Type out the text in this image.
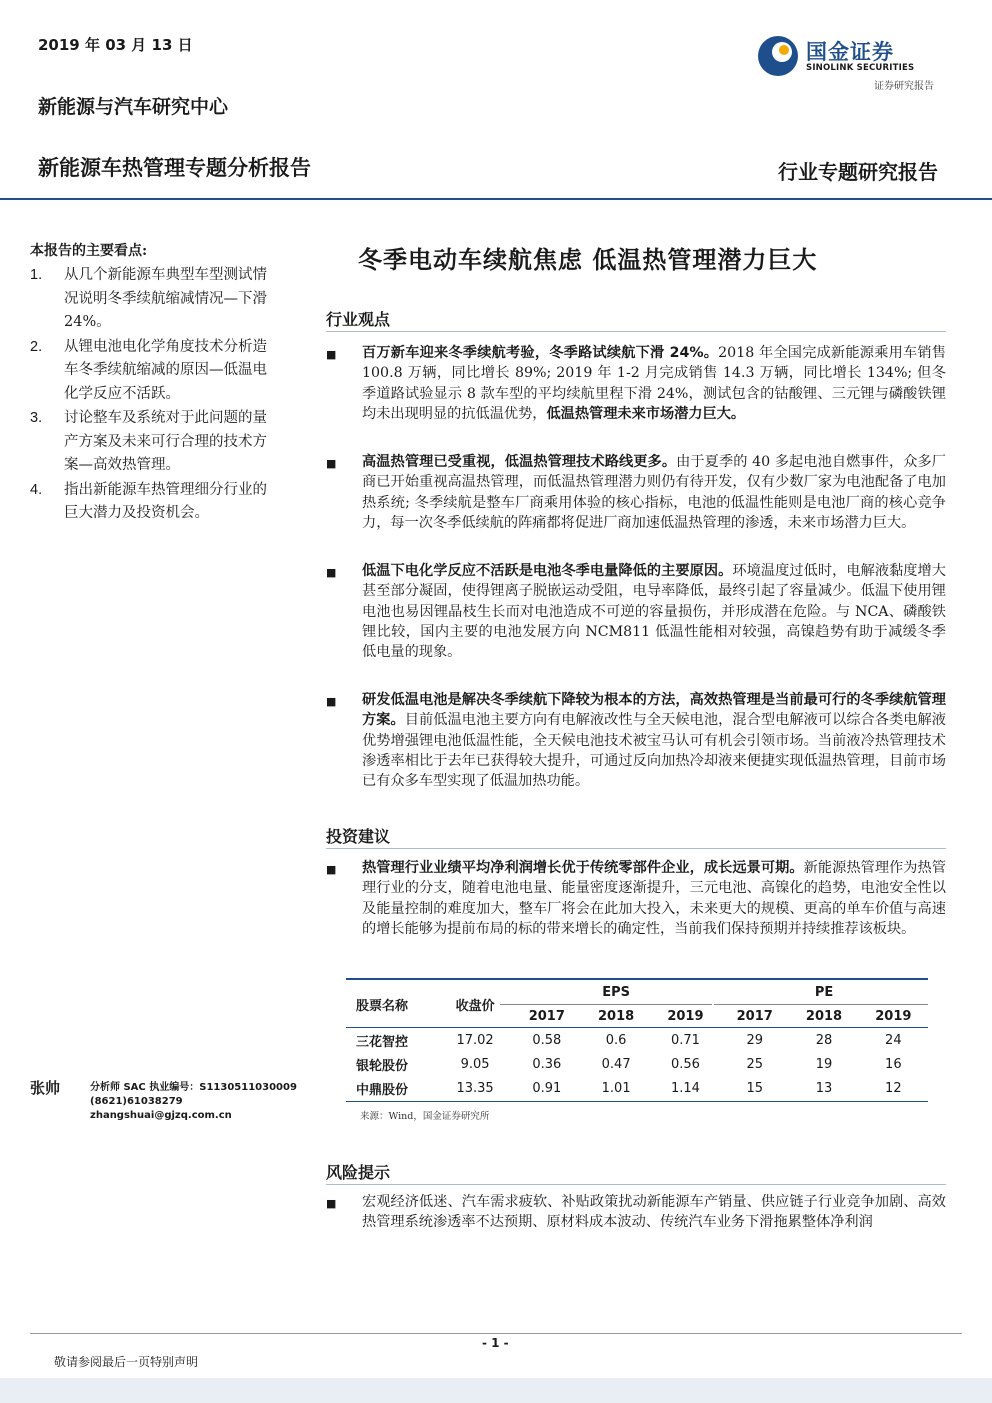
2019 年 03 月 13 日
新能源与汽车研究中心
新能源车热管理专题分析报告	行业专题研究报告
国金证券
SINOLINK SECURITIES
证券研究报告
本报告的主要看点:
1.	从几个新能源车典型车型测试情况说明冬季续航缩减情况—下滑 24%。
2.	从锂电池电化学角度技术分析造车冬季续航缩减的原因—低温电化学反应不活跃。
3.	讨论整车及系统对于此问题的量产方案及未来可行合理的技术方案—高效热管理。
4.	指出新能源车热管理细分行业的巨大潜力及投资机会。
张帅	分析师 SAC 执业编号：S1130511030009
(8621)61038279
zhangshuai@gjzq.com.cn
冬季电动车续航焦虑 低温热管理潜力巨大
行业观点
■	百万新车迎来冬季续航考验，冬季路试续航下滑 24%。2018 年全国完成新能源乘用车销售 100.8 万辆，同比增长 89%; 2019 年 1-2 月完成销售 14.3 万辆，同比增长 134%; 但冬季道路试验显示 8 款车型的平均续航里程下滑 24%，测试包含的钴酸锂、三元锂与磷酸铁锂均未出现明显的抗低温优势，低温热管理未来市场潜力巨大。
■	高温热管理已受重视，低温热管理技术路线更多。由于夏季的 40 多起电池自燃事件，众多厂商已开始重视高温热管理，而低温热管理潜力则仍有待开发，仅有少数厂家为电池配备了电加热系统; 冬季续航是整车厂商乘用体验的核心指标，电池的低温性能则是电池厂商的核心竞争力，每一次冬季低续航的阵痛都将促进厂商加速低温热管理的渗透，未来市场潜力巨大。
■	低温下电化学反应不活跃是电池冬季电量降低的主要原因。环境温度过低时，电解液黏度增大甚至部分凝固，使得锂离子脱嵌运动受阻，电导率降低，最终引起了容量减少。低温下使用锂电池也易因锂晶枝生长而对电池造成不可逆的容量损伤，并形成潜在危险。与 NCA、磷酸铁锂比较，国内主要的电池发展方向 NCM811 低温性能相对较强，高镍趋势有助于减缓冬季低电量的现象。
■	研发低温电池是解决冬季续航下降较为根本的方法，高效热管理是当前最可行的冬季续航管理方案。目前低温电池主要方向有电解液改性与全天候电池，混合型电解液可以综合各类电解液优势增强锂电池低温性能，全天候电池技术被宝马认可有机会引领市场。当前液冷热管理技术渗透率相比于去年已获得较大提升，可通过反向加热冷却液来便捷实现低温热管理，目前市场已有众多车型实现了低温加热功能。
投资建议
■	热管理行业业绩平均净利润增长优于传统零部件企业，成长远景可期。新能源热管理作为热管理行业的分支，随着电池电量、能量密度逐渐提升，三元电池、高镍化的趋势，电池安全性以及能量控制的难度加大，整车厂将会在此加大投入，未来更大的规模、更高的单车价值与高速的增长能够为提前布局的标的带来增长的确定性，当前我们保持预期并持续推荐该板块。
股票名称	收盘价	EPS			PE		
		2017	2018	2019	2017	2018	2019
三花智控	17.02	0.58	0.6	0.71	29	28	24
银轮股份	9.05	0.36	0.47	0.56	25	19	16
中鼎股份	13.35	0.91	1.01	1.14	15	13	12
来源：Wind，国金证券研究所
风险提示
■	宏观经济低迷、汽车需求疲软、补贴政策扰动新能源车产销量、供应链子行业竞争加剧、高效热管理系统渗透率不达预期、原材料成本波动、传统汽车业务下滑拖累整体净利润
- 1 -
敬请参阅最后一页特别声明
